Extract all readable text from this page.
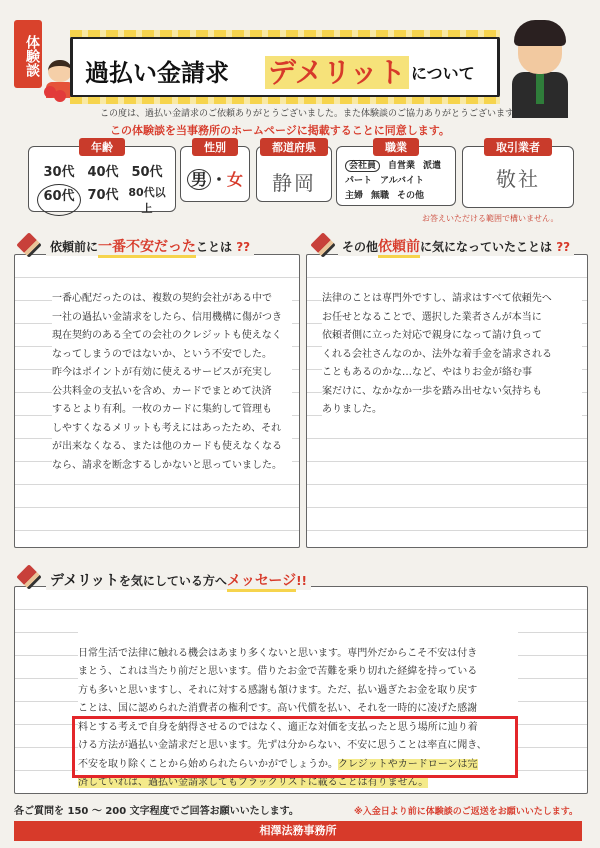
体験談 過払い金請求 デメリット について
この度は、過払い金請求のご依頼ありがとうございました。また体験談のご協力ありがとうございます。
この体験談を当事務所のホームページに掲載することに同意します。
年齢
30代 40代 50代
60代 70代 80代以上
性別
男 ・女
都道府県
静岡
職業
会社員 自営業 派遣
パート アルバイト
主婦 無職 その他
取引業者
敬社
お答えいただける範囲で構いません。
依頼前に一番不安だったことは ??
一番心配だったのは、複数の契約会社がある中で
一社の過払い金請求をしたら、信用機構に傷がつき
現在契約のある全ての会社のクレジットも使えなく
なってしまうのではないか、という不安でした。
昨今はポイントが有効に使えるサービスが充実し
公共料金の支払いを含め、カードでまとめて決済
するとより有利。一枚のカードに集約して管理も
しやすくなるメリットも考えにはあったため、それ
が出来なくなる、または他のカードも使えなくなる
なら、請求を断念するしかないと思っていました。
その他依頼前に気になっていたことは ??
法律のことは専門外ですし、請求はすべて依頼先へ
お任せとなることで、選択した業者さんが本当に
依頼者側に立った対応で親身になって請け負って
くれる会社さんなのか、法外な着手金を請求される
こともあるのかな…など、やはりお金が絡む事
案だけに、なかなか一歩を踏み出せない気持ちも
ありました。
デメリットを気にしている方へメッセージ!!

日常生活で法律に触れる機会はあまり多くないと思います。専門外だからこそ不安は付き
まとう、これは当たり前だと思います。借りたお金で苦難を乗り切れた経緯を持っている
方も多いと思いますし、それに対する感謝も頷けます。ただ、払い過ぎたお金を取り戻す
ことは、国に認められた消費者の権利です。高い代償を払い、それを一時的に凌げた感謝
料とする考えで自身を納得させるのではなく、適正な対価を支払ったと思う場所に辿り着
ける方法が過払い金請求だと思います。先ずは分からない、不安に思うことは率直に聞き、
不安を取り除くことから始められたらいかがでしょうか。クレジットやカードローンは完
済していれば、過払い金請求してもブラックリストに載ることは有りません。

各ご質問を 150 ～ 200 文字程度でご回答お願いいたします。	※入金日より前に体験談のご返送をお願いいたします。
相澤法務事務所
